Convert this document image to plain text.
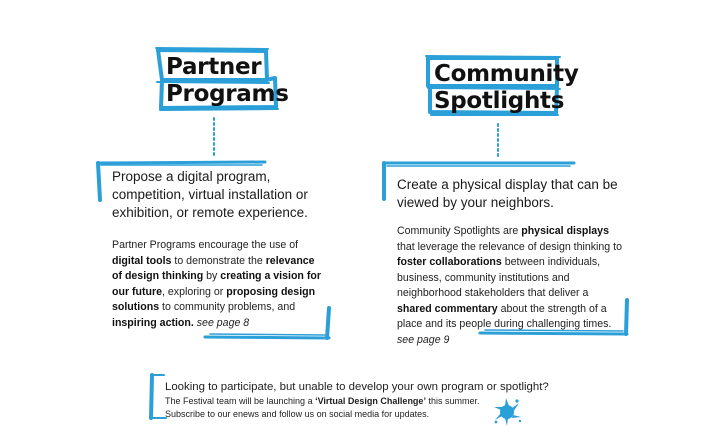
Partner
Programs
Propose a digital program, competition, virtual installation or exhibition, or remote experience.
Partner Programs encourage the use of digital tools to demonstrate the relevance of design thinking by creating a vision for our future, exploring or proposing design solutions to community problems, and inspiring action. see page 8
Community
Spotlights
Create a physical display that can be viewed by your neighbors.
Community Spotlights are physical displays that leverage the relevance of design thinking to foster collaborations between individuals, business, community institutions and neighborhood stakeholders that deliver a shared commentary about the strength of a place and its people during challenging times.
see page 9
Looking to participate, but unable to develop your own program or spotlight?
The Festival team will be launching a ‘Virtual Design Challenge’ this summer.
Subscribe to our enews and follow us on social media for updates.
